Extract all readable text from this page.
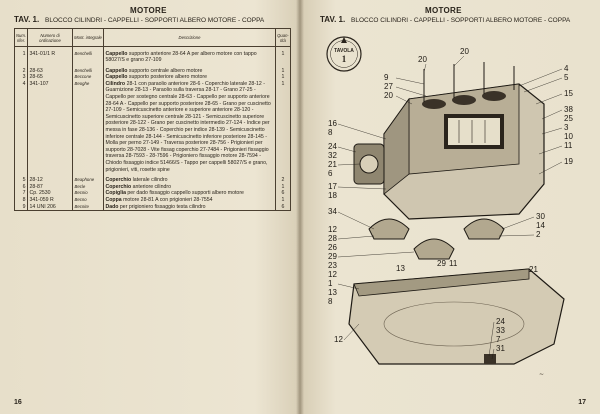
MOTORE
TAV. 1. BLOCCO CILINDRI - CAPPELLI - SOPPORTI ALBERO MOTORE - COPPA
Num. rifer.	Numero di ordinazione	Mont. integrale	Descrizione	Quan-tità

1	341-01/1 R	Benchelli	Cappello supporto anteriore 28-64 A per albero motore con tappo 58027/S e grano 27-109	1

2	28-63	Benchelli	Cappello supporto centrale albero motore	1
3	28-65	Beccone	Cappello supporto posteriore albero motore	1
4	341-107	Beoghe	Cilindro 28-1 con paraolio anteriore 28-6 - Coperchio laterale 28-12 - Guarnizione 28-13 - Paraolio sulla traversa 28-17 - Grano 27-25 - Cappello per sostegno centrale 28-63 - Cappello per supporto anteriore 28-64 A - Cappello per supporto posteriore 28-65 - Grano per cuscinetto 27-109 - Semicuscinetto anteriore e superiore anteriore 28-120 - Semicuscinetto superiore centrale 28-121 - Semicuscinetto superiore posteriore 28-122 - Grano per cuscinetto intermedio 27-124 - Indice per messa in fase 28-136 - Coperchio per indice 28-139 - Semicuscinetto inferiore centrale 28-144 - Semicuscinetto inferiore posteriore 28-145 - Molla per perno 27-149 - Traversa posteriore 28-756 - Prigionieri per supporto 28-7028 - Vite fissag coperchio 27-7484 - Prigionieri fissaggio traversa 28-7593 - 28-7596 - Prigioniero fissaggio motore 28-7594 - Chiodo fissaggio indice 51466/S - Tappo per cappelli 58027/S e grano, prigionieri, viti, rosette spine	1

5	28-12	Beaphone	Coperchio laterale cilindro	2
6	28-87	Becle	Coperchio anteriore cilindro	1
7	Cp. 2530	Becnio	Copiglia per dado fissaggio cappello supporti albero motore	6
8	341-059 R	Becno	Coppa motore 28-81 A con prigionieri 28-7554	1
9	14 UNI 206	Becnite	Dado per prigioniero fissaggio testa cilindro	6
16
MOTORE
TAV. 1. BLOCCO CILINDRI - CAPPELLI - SOPPORTI ALBERO MOTORE - COPPA
TAVOLA
1	20
20
9
27
20
4
5
15
38
25
3
10
11
19
16
8
24
32
21
6
17
18
34
30
14
2
12
28
26
29
23
12
1
13
8
12
24
33
7
31
29 11
21
13
~
17
